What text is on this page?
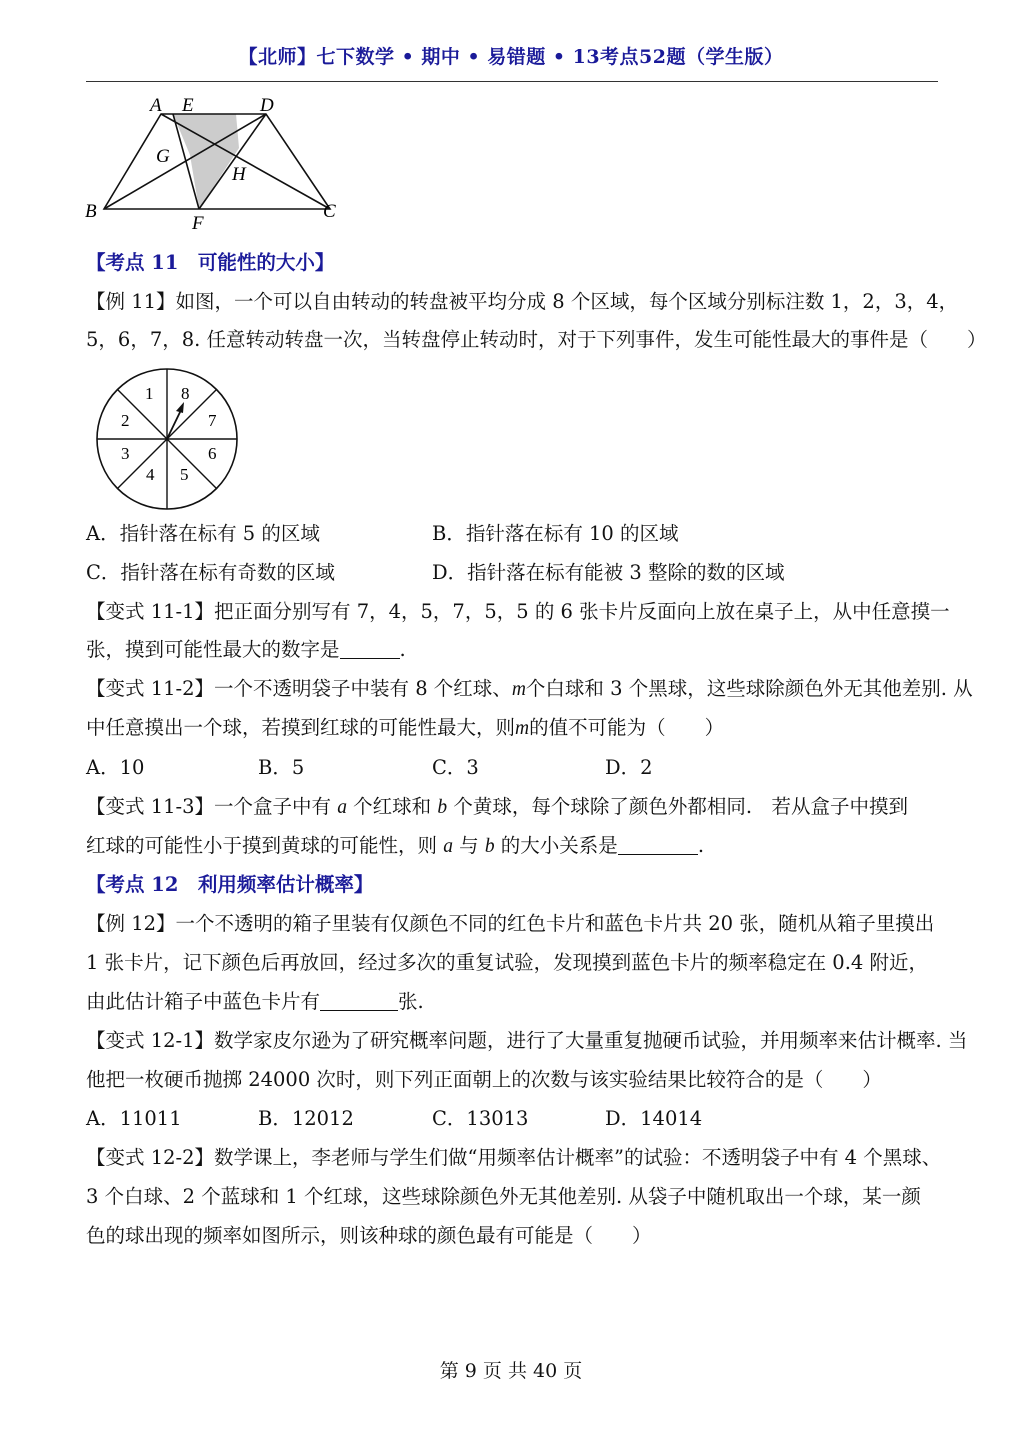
【北师】七下数学 • 期中 • 易错题 • 13考点52题（学生版）
A E	D
G
H
B
F
C
【考点 11　可能性的大小】
【例 11】如图，一个可以自由转动的转盘被平均分成 8 个区域，每个区域分别标注数 1，2，3，4，
5，6，7，8. 任意转动转盘一次，当转盘停止转动时，对于下列事件，发生可能性最大的事件是（　　）
1 8
2	7
3	6
4 5
A．指针落在标有 5 的区域	B．指针落在标有 10 的区域
C．指针落在标有奇数的区域	D．指针落在标有能被 3 整除的数的区域
【变式 11-1】把正面分别写有 7，4，5，7，5，5 的 6 张卡片反面向上放在桌子上，从中任意摸一
张，摸到可能性最大的数字是	.
【变式 11-2】一个不透明袋子中装有 8 个红球、m个白球和 3 个黑球，这些球除颜色外无其他差别. 从
中任意摸出一个球，若摸到红球的可能性最大，则m的值不可能为（　　）
A．10	B．5	C．3	D．2
【变式 11-3】一个盒子中有 a 个红球和 b 个黄球，每个球除了颜色外都相同.　若从盒子中摸到
红球的可能性小于摸到黄球的可能性，则 a 与 b 的大小关系是	.
【考点 12　利用频率估计概率】
【例 12】一个不透明的箱子里装有仅颜色不同的红色卡片和蓝色卡片共 20 张，随机从箱子里摸出
1 张卡片，记下颜色后再放回，经过多次的重复试验，发现摸到蓝色卡片的频率稳定在 0.4 附近，
由此估计箱子中蓝色卡片有	张.
【变式 12-1】数学家皮尔逊为了研究概率问题，进行了大量重复抛硬币试验，并用频率来估计概率. 当
他把一枚硬币抛掷 24000 次时，则下列正面朝上的次数与该实验结果比较符合的是（　　）
A．11011	B．12012	C．13013	D．14014
【变式 12-2】数学课上，李老师与学生们做“用频率估计概率”的试验：不透明袋子中有 4 个黑球、
3 个白球、2 个蓝球和 1 个红球，这些球除颜色外无其他差别. 从袋子中随机取出一个球，某一颜
色的球出现的频率如图所示，则该种球的颜色最有可能是（　　）
第 9 页 共 40 页
